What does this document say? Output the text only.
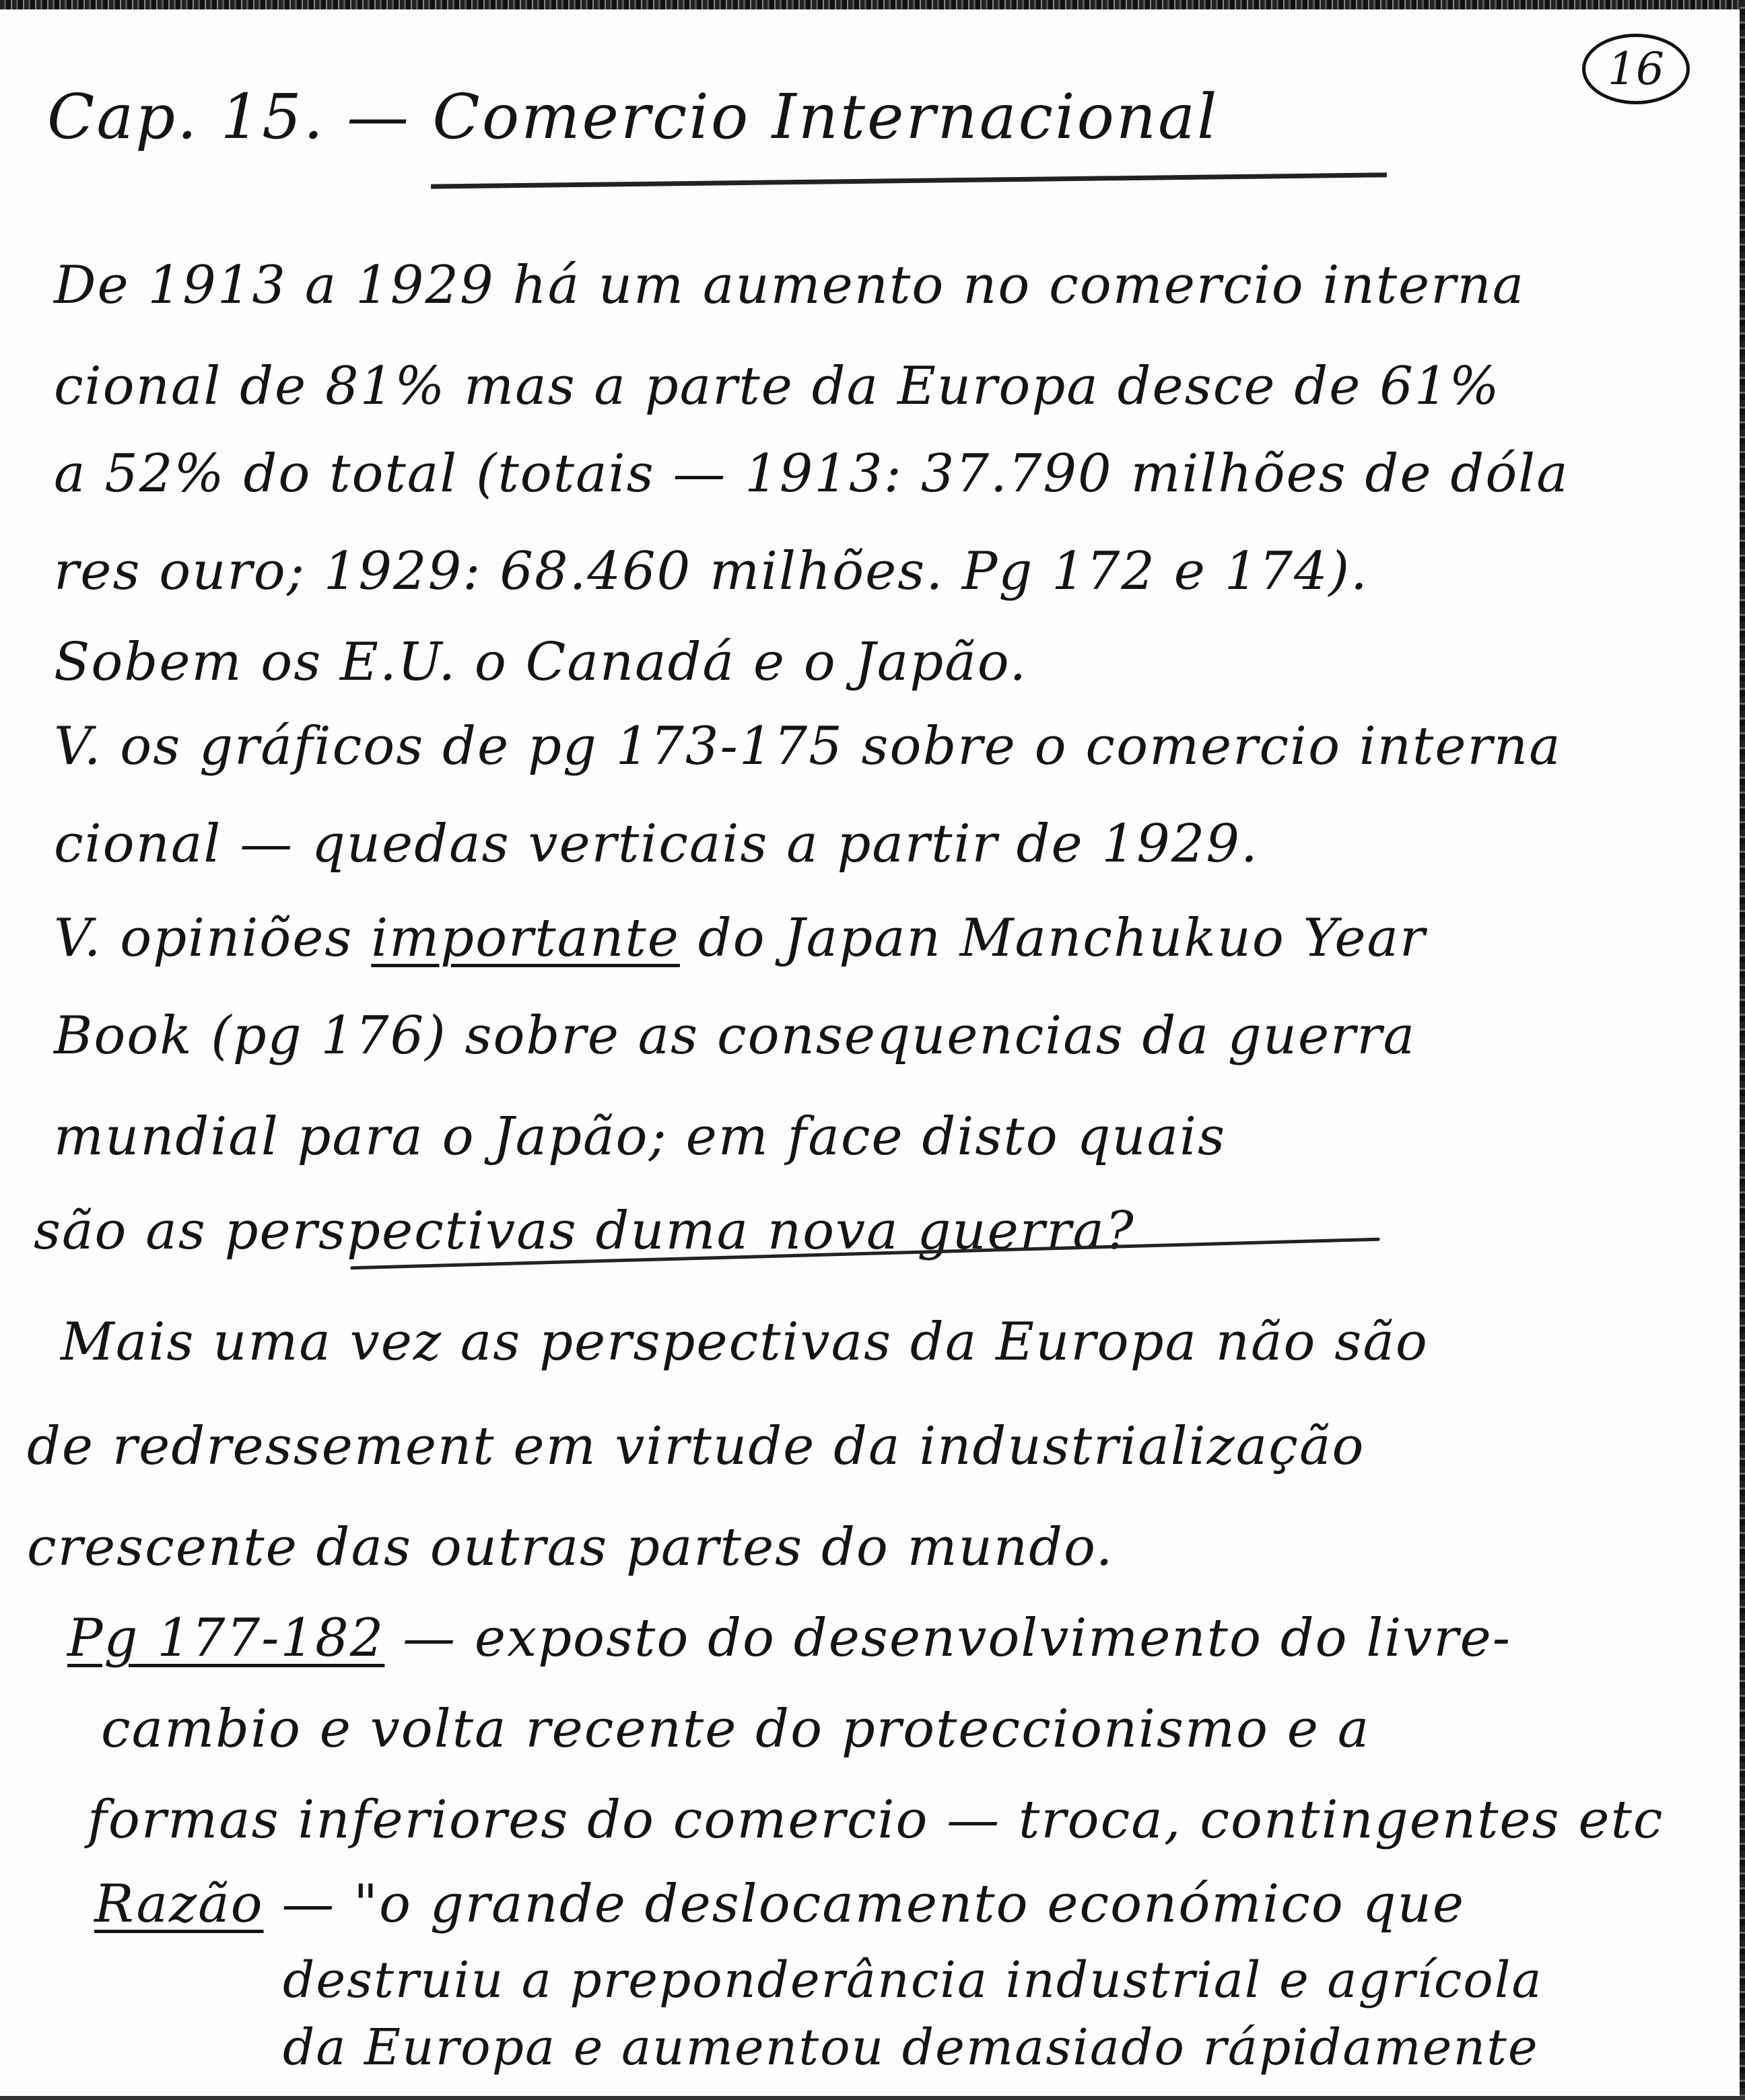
16
Cap. 15. — Comercio Internacional
De 1913 a 1929 há um aumento no comercio interna
cional de 81% mas a parte da Europa desce de 61%
a 52% do total (totais — 1913: 37.790 milhões de dóla
res ouro; 1929: 68.460 milhões. Pg 172 e 174).
Sobem os E.U. o Canadá e o Japão.
V. os gráficos de pg 173-175 sobre o comercio interna
cional — quedas verticais a partir de 1929.
V. opiniões importante do Japan Manchukuo Year
Book (pg 176) sobre as consequencias da guerra
mundial para o Japão; em face disto quais
são as perspectivas duma nova guerra?
Mais uma vez as perspectivas da Europa não são
de redressement em virtude da industrialização
crescente das outras partes do mundo.
Pg 177-182 — exposto do desenvolvimento do livre-
cambio e volta recente do proteccionismo e a
formas inferiores do comercio — troca, contingentes etc
Razão — "o grande deslocamento económico que
destruiu a preponderância industrial e agrícola
da Europa e aumentou demasiado rápidamente
